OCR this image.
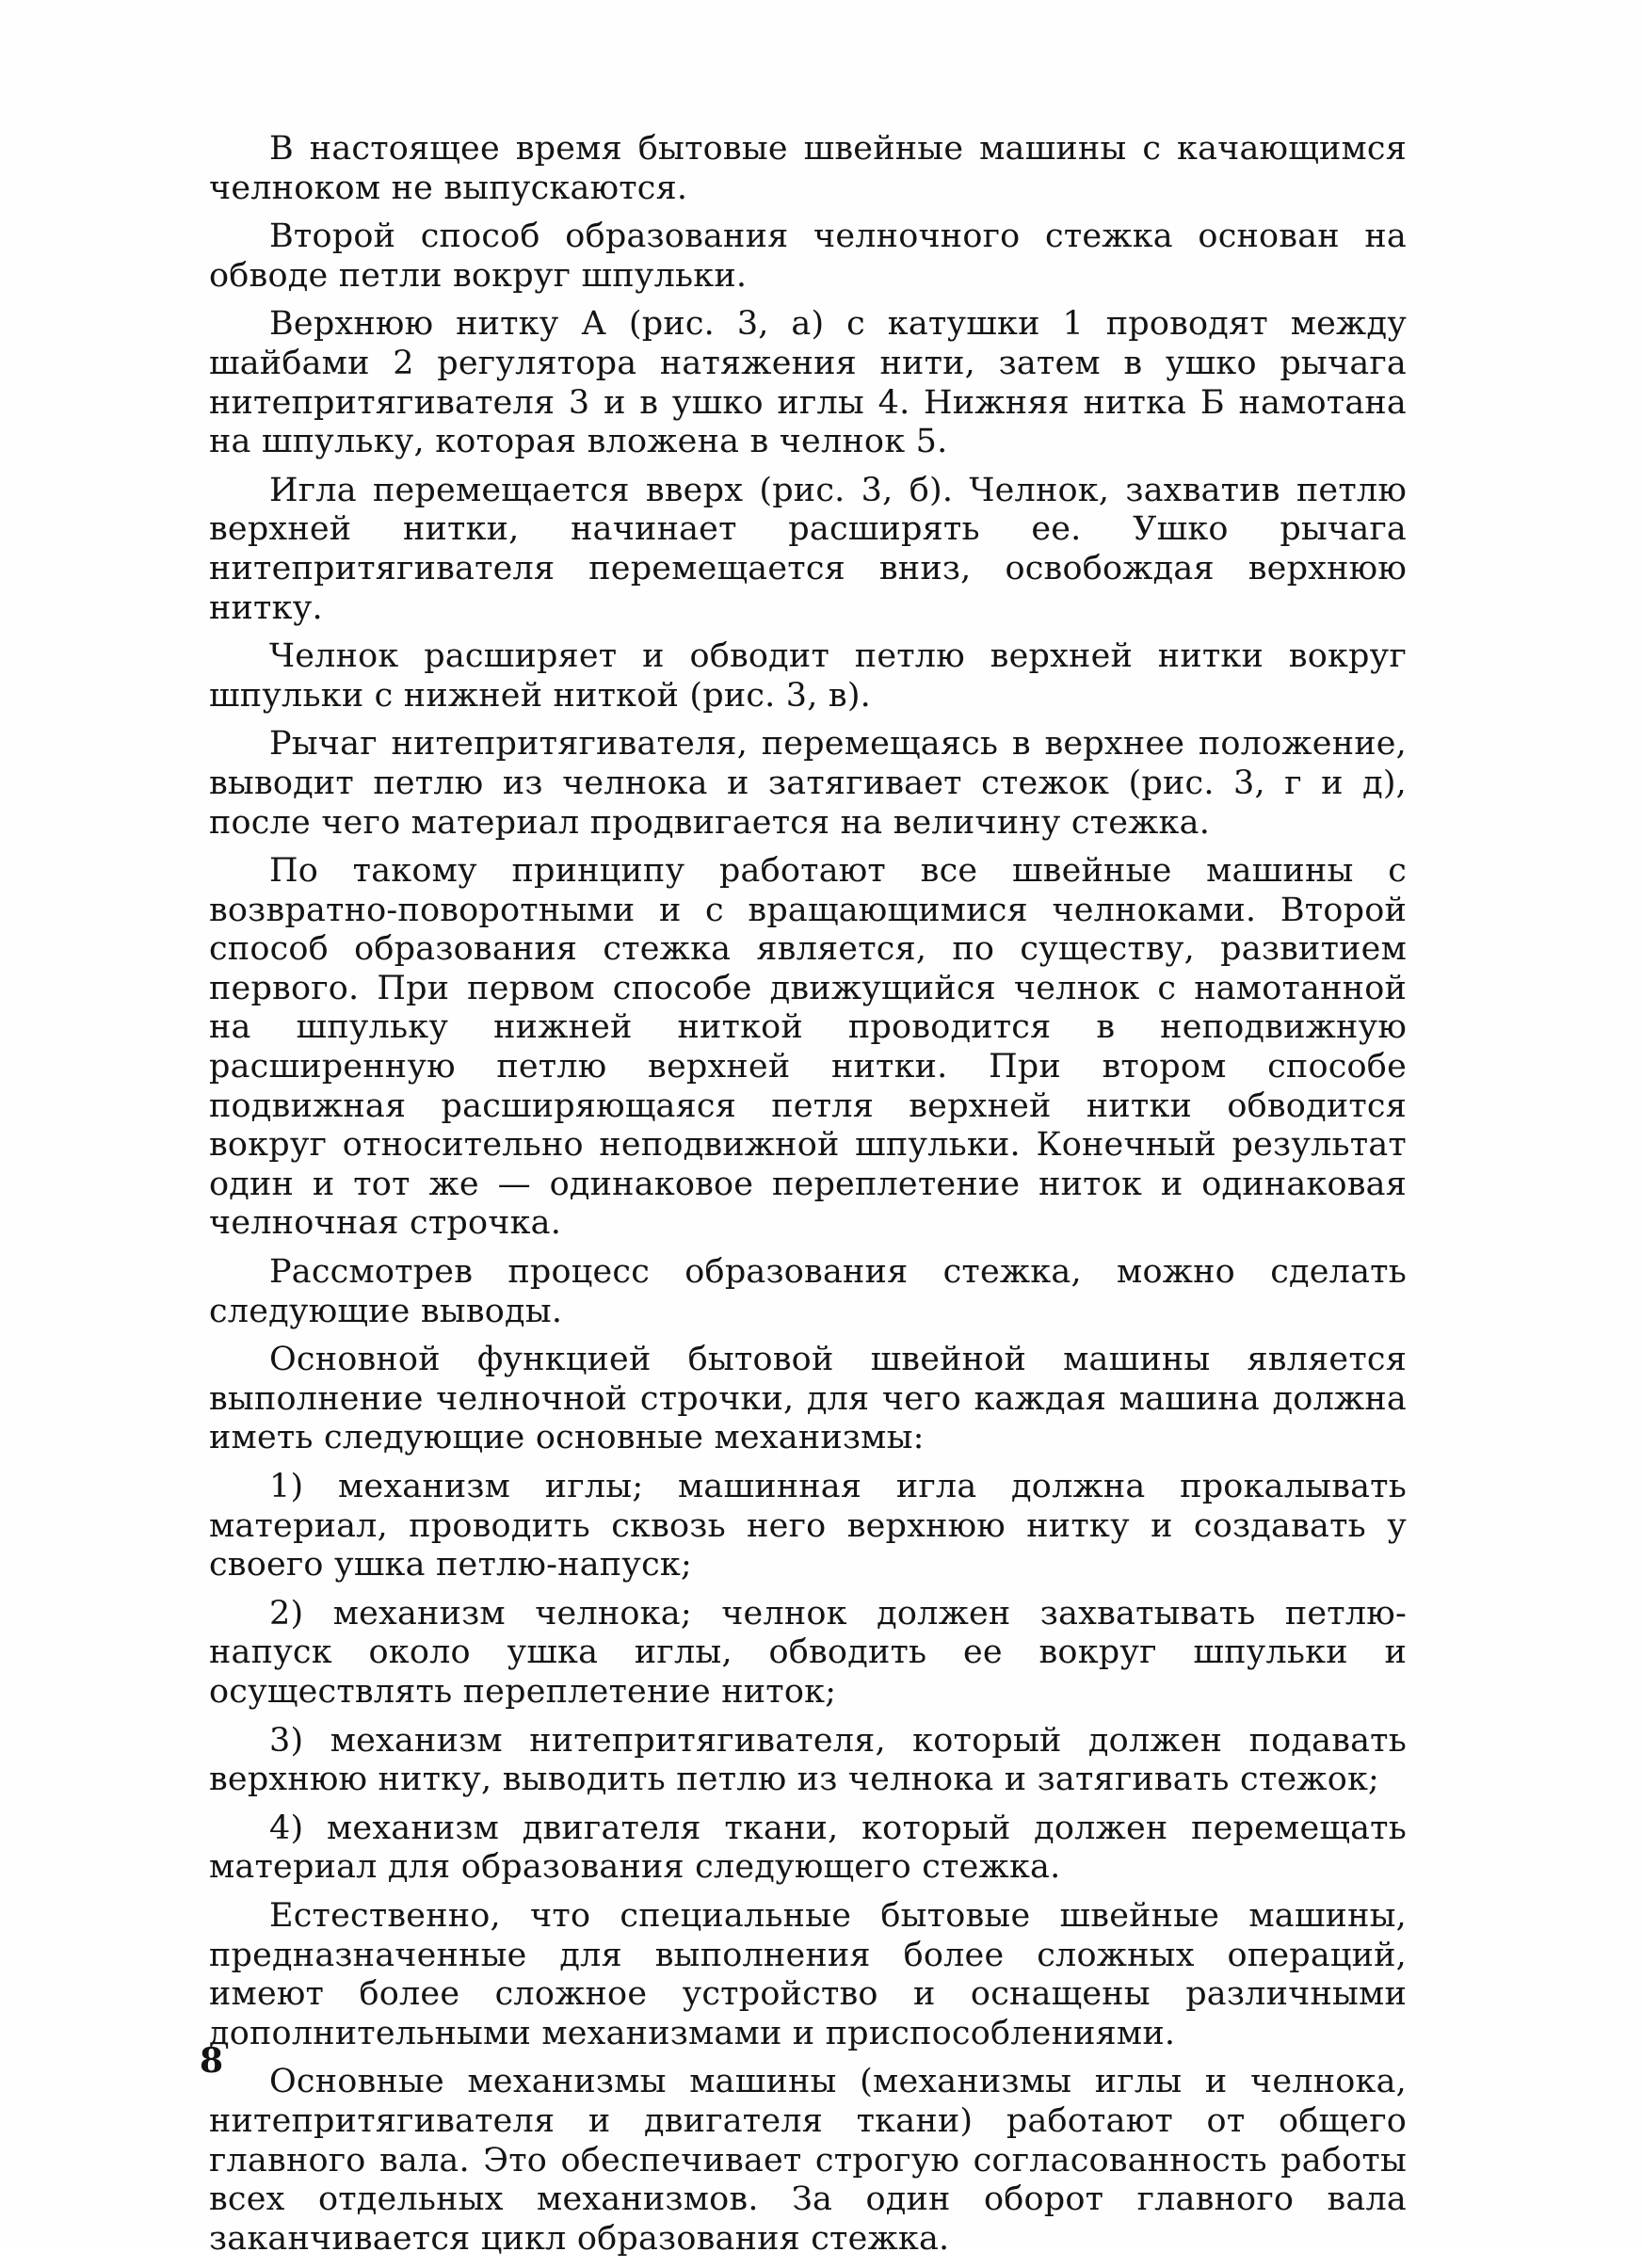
В настоящее время бытовые швейные машины с качающимся челноком не выпускаются.

Второй способ образования челночного стежка основан на обводе петли вокруг шпульки.

Верхнюю нитку А (рис. 3, а) с катушки 1 проводят между шайбами 2 регулятора натяжения нити, затем в ушко рычага нитепритягивателя 3 и в ушко иглы 4. Нижняя нитка Б намотана на шпульку, которая вложена в челнок 5.

Игла перемещается вверх (рис. 3, б). Челнок, захватив петлю верхней нитки, начинает расширять ее. Ушко рычага нитепритягивателя перемещается вниз, освобождая верхнюю нитку.

Челнок расширяет и обводит петлю верхней нитки вокруг шпульки с нижней ниткой (рис. 3, в).

Рычаг нитепритягивателя, перемещаясь в верхнее положение, выводит петлю из челнока и затягивает стежок (рис. 3, г и д), после чего материал продвигается на величину стежка.

По такому принципу работают все швейные машины с возвратно-поворотными и с вращающимися челноками. Второй способ образования стежка является, по существу, развитием первого. При первом способе движущийся челнок с намотанной на шпульку нижней ниткой проводится в неподвижную расширенную петлю верхней нитки. При втором способе подвижная расширяющаяся петля верхней нитки обводится вокруг относительно неподвижной шпульки. Конечный результат один и тот же — одинаковое переплетение ниток и одинаковая челночная строчка.

Рассмотрев процесс образования стежка, можно сделать следующие выводы.

Основной функцией бытовой швейной машины является выполнение челночной строчки, для чего каждая машина должна иметь следующие основные механизмы:

1) механизм иглы; машинная игла должна прокалывать материал, проводить сквозь него верхнюю нитку и создавать у своего ушка петлю-напуск;

2) механизм челнока; челнок должен захватывать петлю-напуск около ушка иглы, обводить ее вокруг шпульки и осуществлять переплетение ниток;

3) механизм нитепритягивателя, который должен подавать верхнюю нитку, выводить петлю из челнока и затягивать стежок;

4) механизм двигателя ткани, который должен перемещать материал для образования следующего стежка.

Естественно, что специальные бытовые швейные машины, предназначенные для выполнения более сложных операций, имеют более сложное устройство и оснащены различными дополнительными механизмами и приспособлениями.

Основные механизмы машины (механизмы иглы и челнока, нитепритягивателя и двигателя ткани) работают от общего главного вала. Это обеспечивает строгую согласованность работы всех отдельных механизмов. За один оборот главного вала заканчивается цикл образования стежка.

8
